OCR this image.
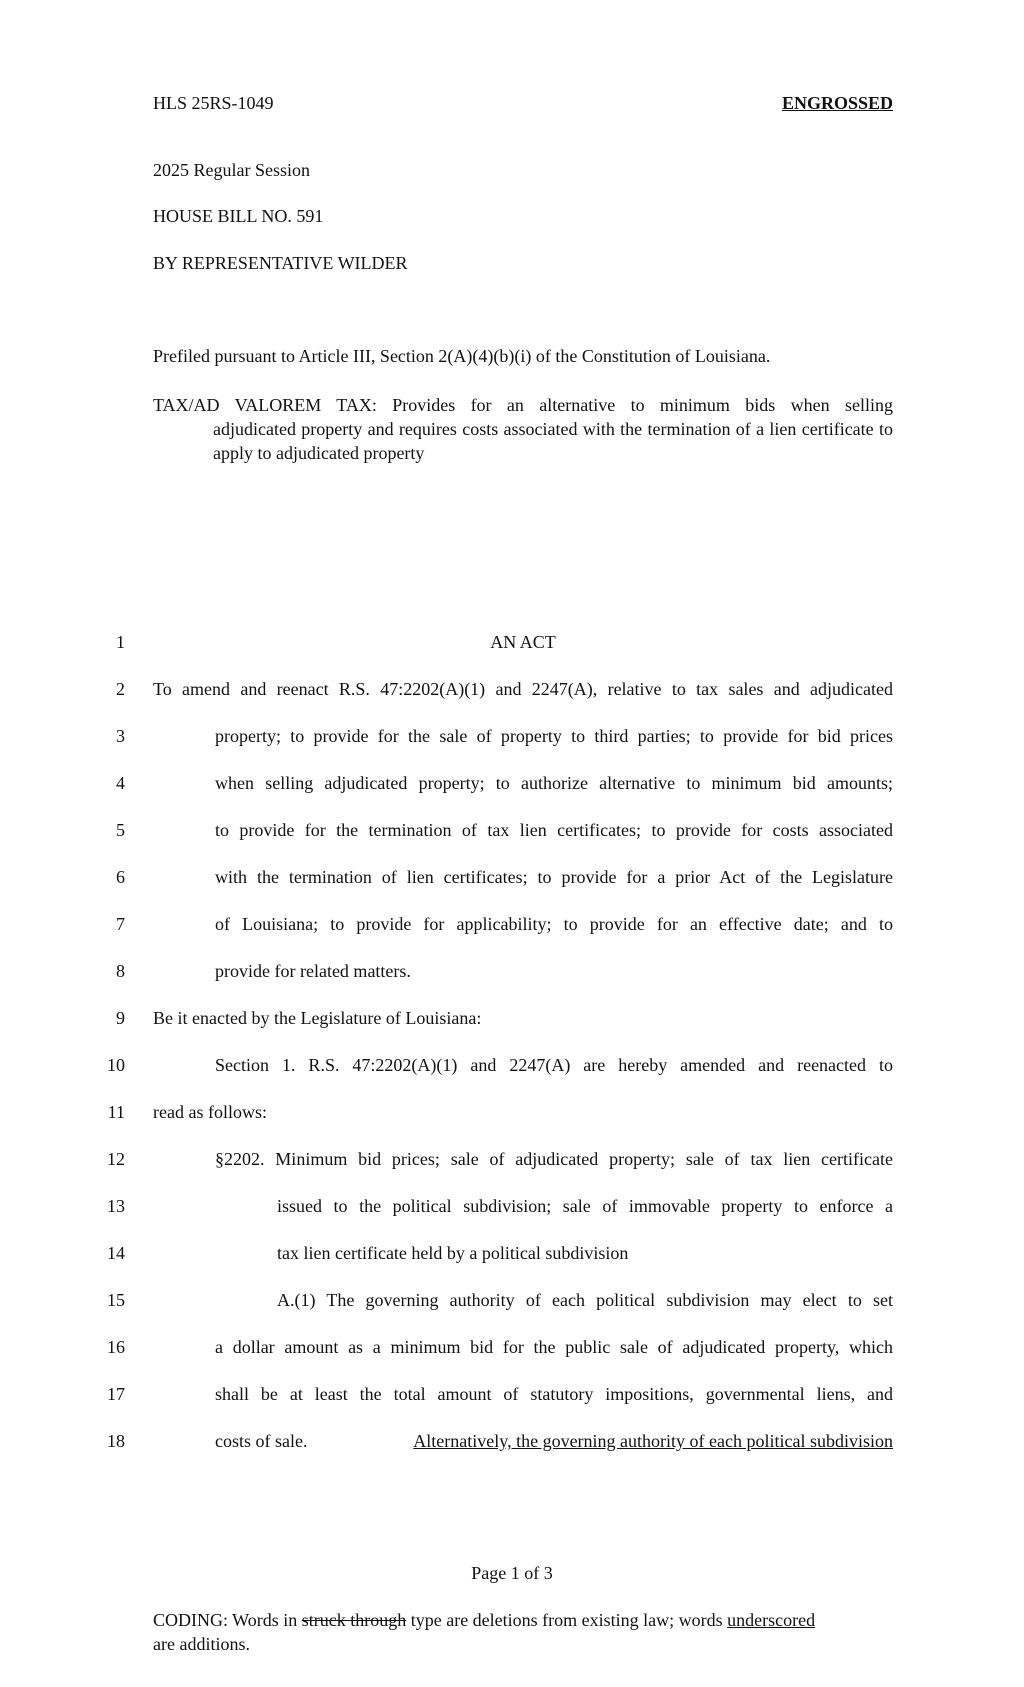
HLS 25RS-1049	ENGROSSED
2025 Regular Session
HOUSE BILL NO. 591
BY REPRESENTATIVE WILDER
Prefiled pursuant to Article III, Section 2(A)(4)(b)(i) of the Constitution of Louisiana.
TAX/AD VALOREM TAX: Provides for an alternative to minimum bids when selling
adjudicated property and requires costs associated with the termination of a lien certificate to apply to adjudicated property
1	AN ACT
2 To amend and reenact R.S. 47:2202(A)(1) and 2247(A), relative to tax sales and adjudicated
3	property; to provide for the sale of property to third parties; to provide for bid prices
4	when selling adjudicated property; to authorize alternative to minimum bid amounts;
5	to provide for the termination of tax lien certificates; to provide for costs associated
6	with the termination of lien certificates; to provide for a prior Act of the Legislature
7	of Louisiana; to provide for applicability; to provide for an effective date; and to
8	provide for related matters.
9 Be it enacted by the Legislature of Louisiana:
10	Section 1. R.S. 47:2202(A)(1) and 2247(A) are hereby amended and reenacted to
11 read as follows:
12	§2202. Minimum bid prices; sale of adjudicated property; sale of tax lien certificate
13	issued to the political subdivision; sale of immovable property to enforce a
14	tax lien certificate held by a political subdivision
15	A.(1) The governing authority of each political subdivision may elect to set
16	a dollar amount as a minimum bid for the public sale of adjudicated property, which
17	shall be at least the total amount of statutory impositions, governmental liens, and
18	costs of sale.	Alternatively, the governing authority of each political subdivision
Page 1 of 3
CODING: Words in struck through type are deletions from existing law; words underscored
are additions.
